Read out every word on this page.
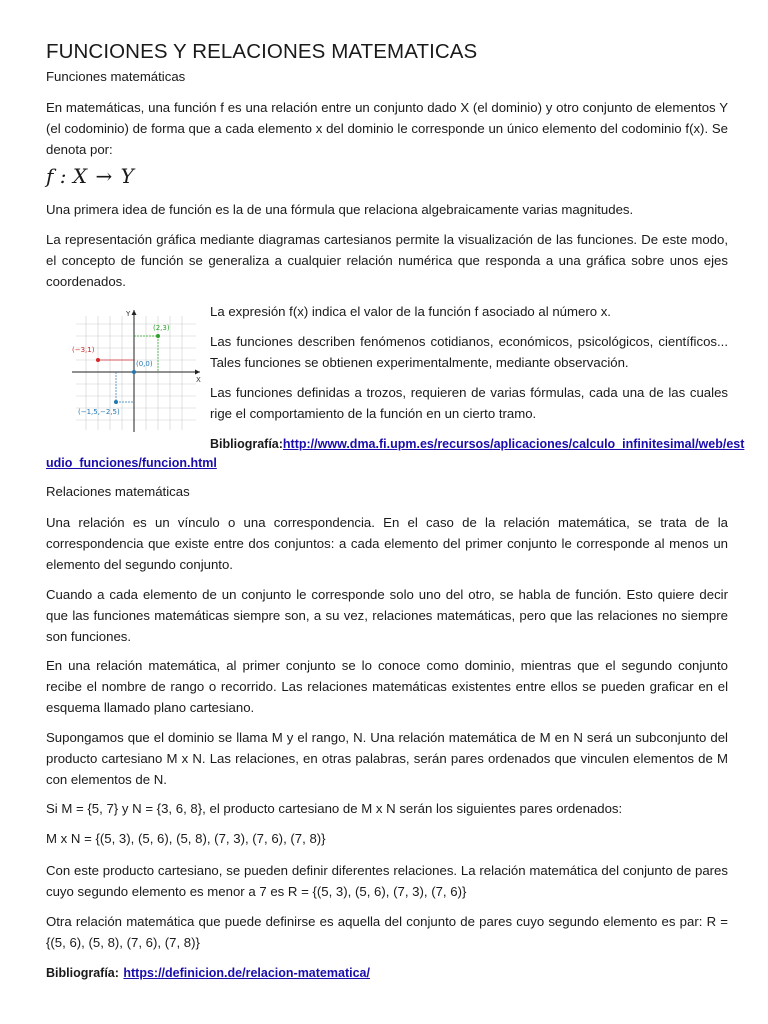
FUNCIONES Y RELACIONES MATEMATICAS
Funciones matemáticas

En matemáticas, una función f es una relación entre un conjunto dado X (el dominio) y otro conjunto de elementos Y (el codominio) de forma que a cada elemento x del dominio le corresponde un único elemento del codominio f(x). Se denota por:

f : X → Y

Una primera idea de función es la de una fórmula que relaciona algebraicamente varias magnitudes.

La representación gráfica mediante diagramas cartesianos permite la visualización de las funciones. De este modo, el concepto de función se generaliza a cualquier relación numérica que responda a una gráfica sobre unos ejes coordenados.

X
Y
(2,3)
(−3,1)
(0,0)
(−1,5,−2,5)

La expresión f(x) indica el valor de la función f asociado al número x.

Las funciones describen fenómenos cotidianos, económicos, psicológicos, científicos... Tales funciones se obtienen experimentalmente, mediante observación.

Las funciones definidas a trozos, requieren de varias fórmulas, cada una de las cuales rige el comportamiento de la función en un cierto tramo.

Bibliografía:http://www.dma.fi.upm.es/recursos/aplicaciones/calculo_infinitesimal/web/est
udio_funciones/funcion.html
Relaciones matemáticas

Una relación es un vínculo o una correspondencia. En el caso de la relación matemática, se trata de la correspondencia que existe entre dos conjuntos: a cada elemento del primer conjunto le corresponde al menos un elemento del segundo conjunto.

Cuando a cada elemento de un conjunto le corresponde solo uno del otro, se habla de función. Esto quiere decir que las funciones matemáticas siempre son, a su vez, relaciones matemáticas, pero que las relaciones no siempre son funciones.

En una relación matemática, al primer conjunto se lo conoce como dominio, mientras que el segundo conjunto recibe el nombre de rango o recorrido. Las relaciones matemáticas existentes entre ellos se pueden graficar en el esquema llamado plano cartesiano.

Supongamos que el dominio se llama M y el rango, N. Una relación matemática de M en N será un subconjunto del producto cartesiano M x N. Las relaciones, en otras palabras, serán pares ordenados que vinculen elementos de M con elementos de N.

Si M = {5, 7} y N = {3, 6, 8}, el producto cartesiano de M x N serán los siguientes pares ordenados:

M x N = {(5, 3), (5, 6), (5, 8), (7, 3), (7, 6), (7, 8)}

Con este producto cartesiano, se pueden definir diferentes relaciones. La relación matemática del conjunto de pares cuyo segundo elemento es menor a 7 es R = {(5, 3), (5, 6), (7, 3), (7, 6)}

Otra relación matemática que puede definirse es aquella del conjunto de pares cuyo segundo elemento es par: R = {(5, 6), (5, 8), (7, 6), (7, 8)}

Bibliografía: https://definicion.de/relacion-matematica/
